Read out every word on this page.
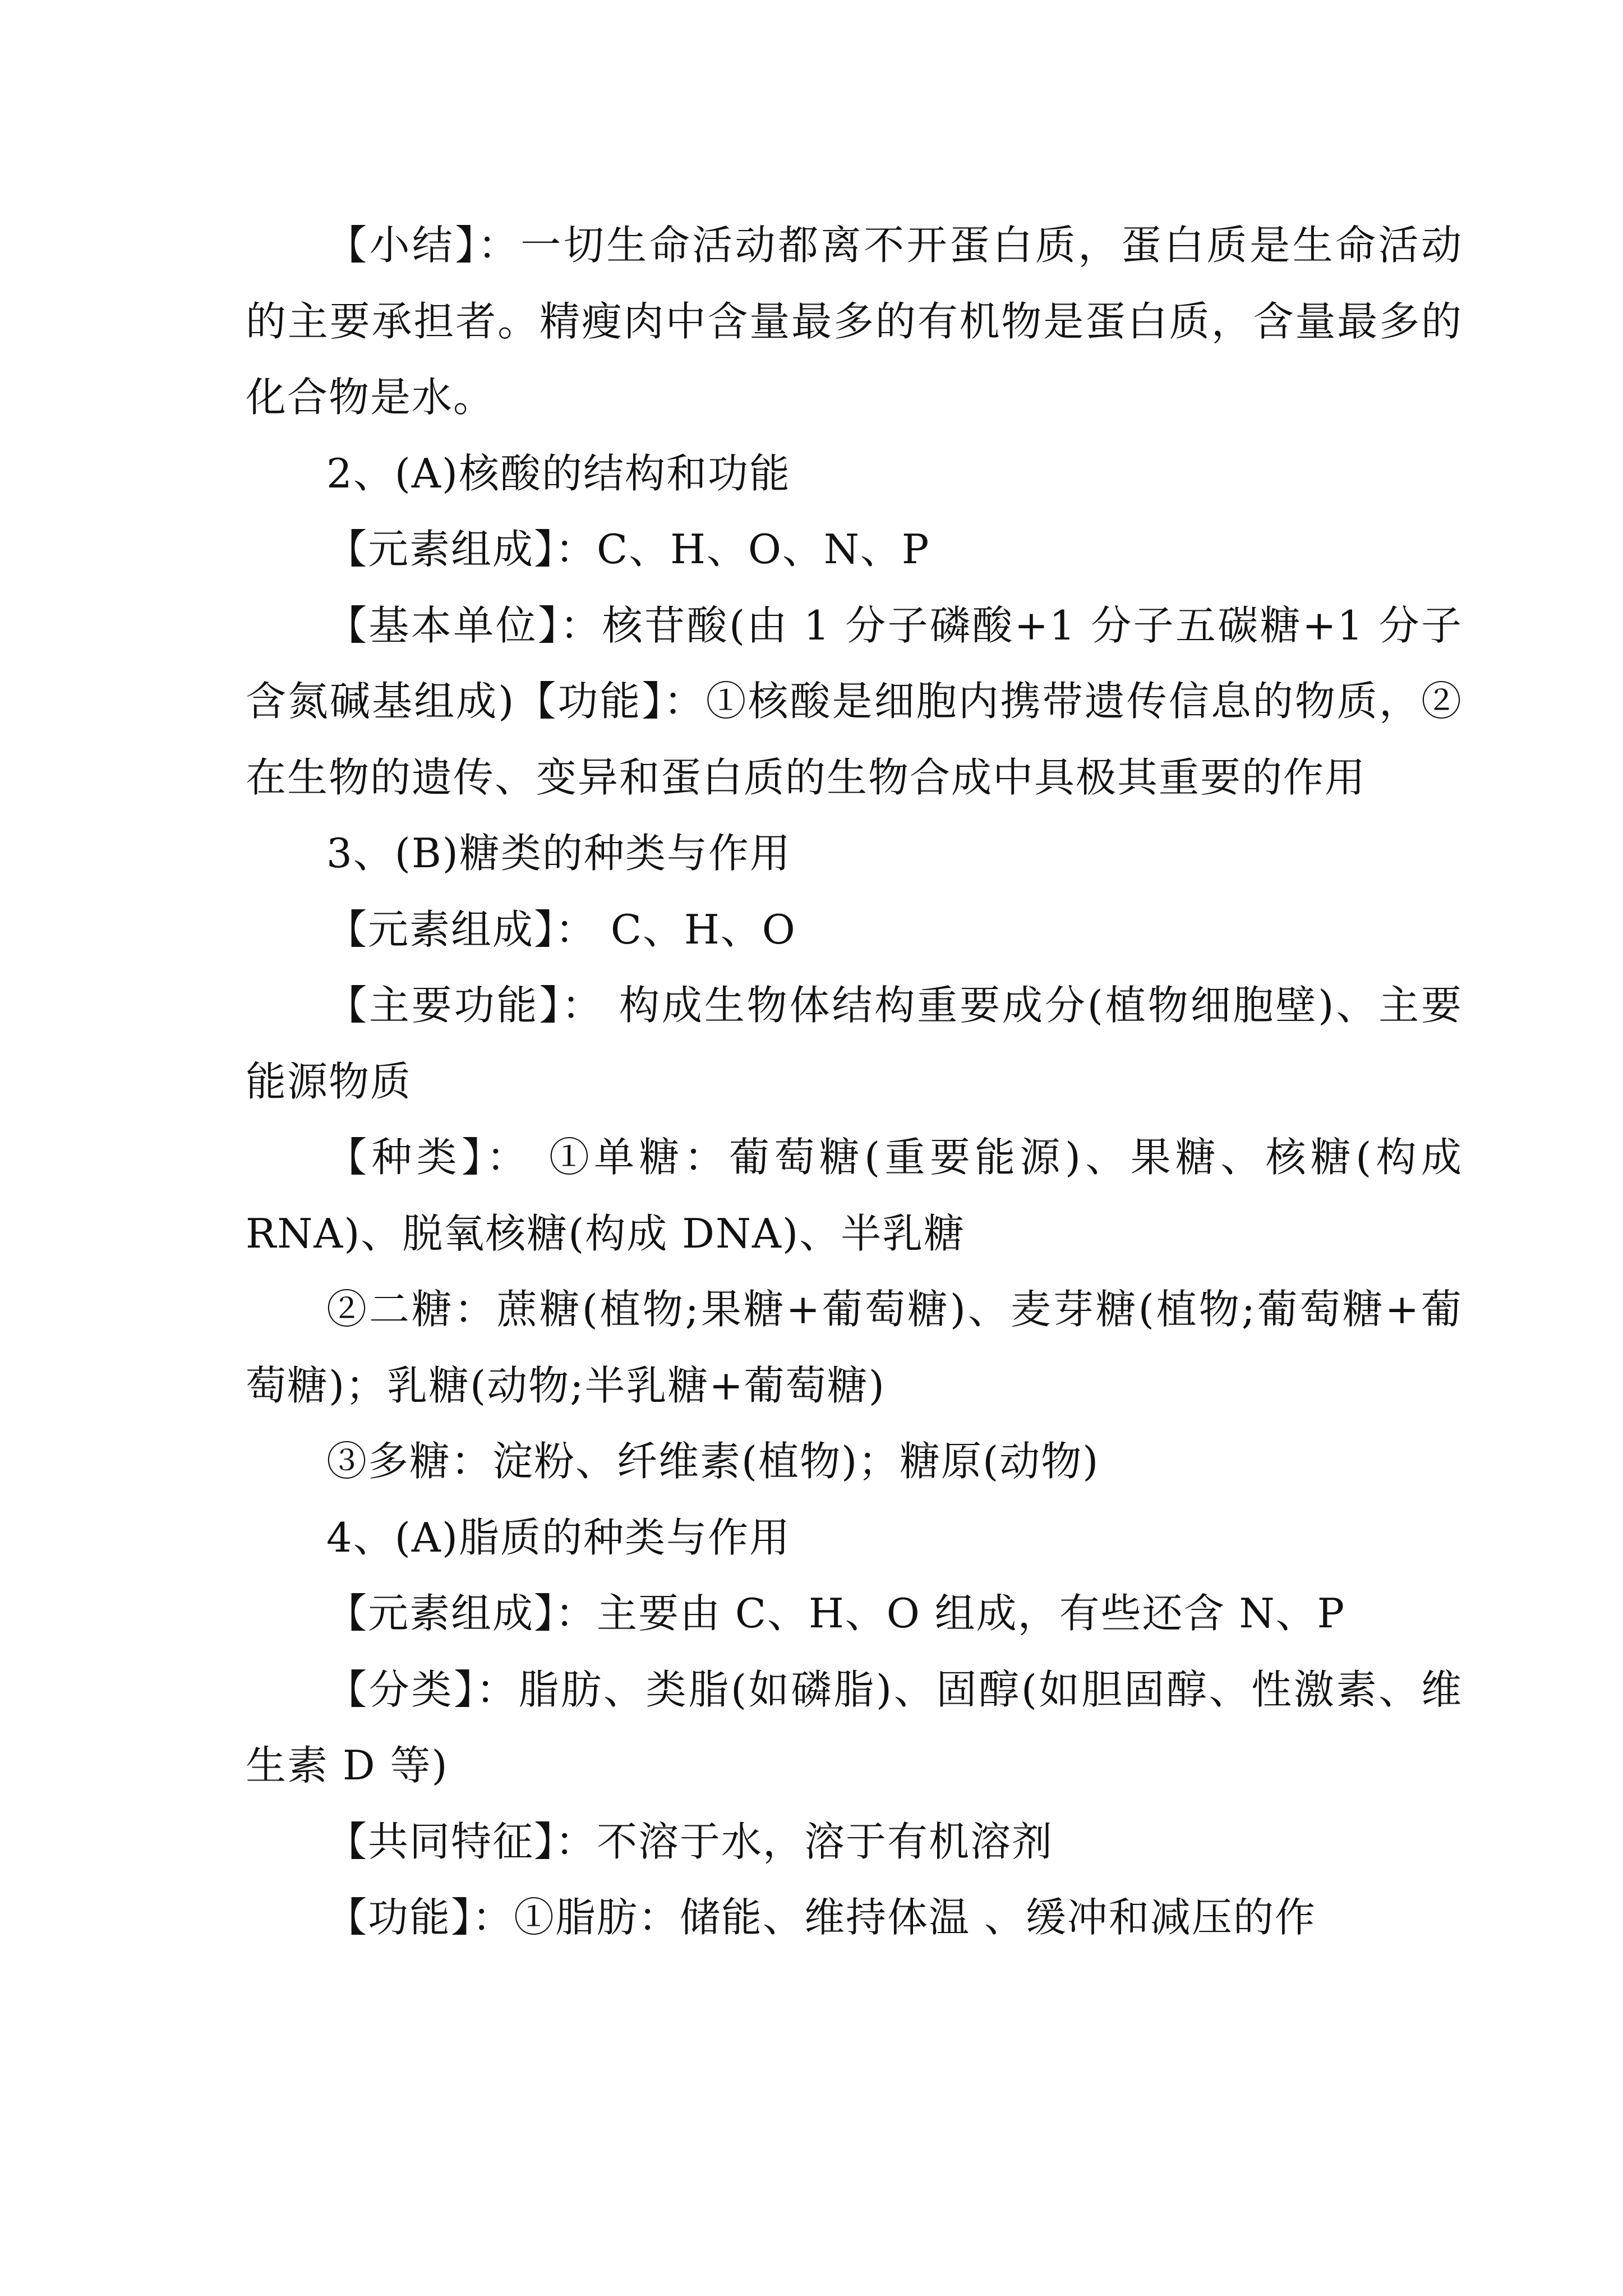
【小结】：一切生命活动都离不开蛋白质，蛋白质是生命活动的主要承担者。精瘦肉中含量最多的有机物是蛋白质，含量最多的化合物是水。

2、(A)核酸的结构和功能

【元素组成】：C、H、O、N、P

【基本单位】：核苷酸(由 1 分子磷酸+1 分子五碳糖+1 分子含氮碱基组成)【功能】：①核酸是细胞内携带遗传信息的物质，②在生物的遗传、变异和蛋白质的生物合成中具极其重要的作用

3、(B)糖类的种类与作用

【元素组成】： C、H、O

【主要功能】： 构成生物体结构重要成分(植物细胞壁)、主要能源物质

【种类】： ①单糖：葡萄糖(重要能源)、果糖、核糖(构成 RNA)、脱氧核糖(构成 DNA)、半乳糖

②二糖：蔗糖(植物;果糖+葡萄糖)、麦芽糖(植物;葡萄糖+葡萄糖)；乳糖(动物;半乳糖+葡萄糖)

③多糖：淀粉、纤维素(植物)；糖原(动物)

4、(A)脂质的种类与作用

【元素组成】：主要由 C、H、O 组成，有些还含 N、P

【分类】：脂肪、类脂(如磷脂)、固醇(如胆固醇、性激素、维生素 D 等)

【共同特征】：不溶于水，溶于有机溶剂

【功能】：①脂肪：储能、维持体温 、缓冲和减压的作
